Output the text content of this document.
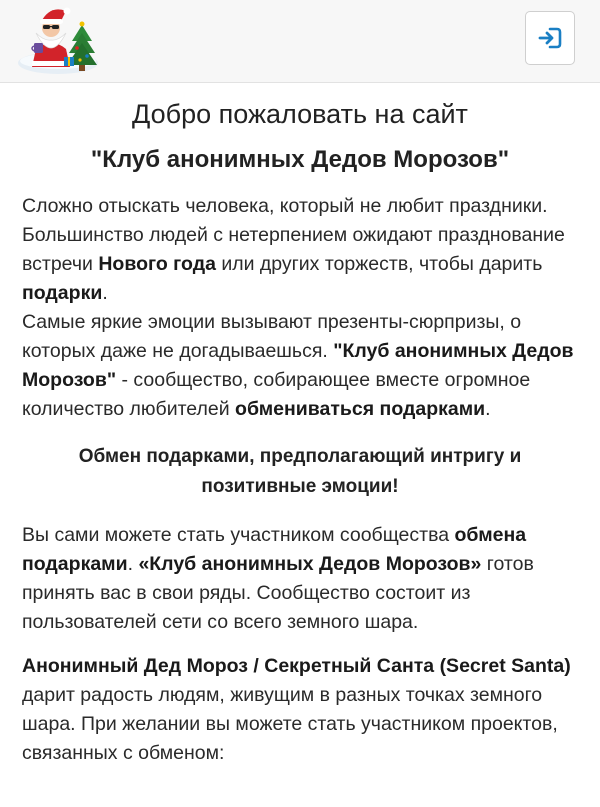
Добро пожаловать на сайт
"Клуб анонимных Дедов Морозов"

Сложно отыскать человека, который не любит праздники. Большинство людей с нетерпением ожидают празднование встречи Нового года или других торжеств, чтобы дарить подарки.
Самые яркие эмоции вызывают презенты-сюрпризы, о которых даже не догадываешься. "Клуб анонимных Дедов Морозов" - сообщество, собирающее вместе огромное количество любителей обмениваться подарками.

Обмен подарками, предполагающий интригу и позитивные эмоции!

Вы сами можете стать участником сообщества обмена подарками. «Клуб анонимных Дедов Морозов» готов принять вас в свои ряды. Сообщество состоит из пользователей сети со всего земного шара.

Анонимный Дед Мороз / Секретный Санта (Secret Santa) дарит радость людям, живущим в разных точках земного шара. При желании вы можете стать участником проектов, связанных с обменом:
